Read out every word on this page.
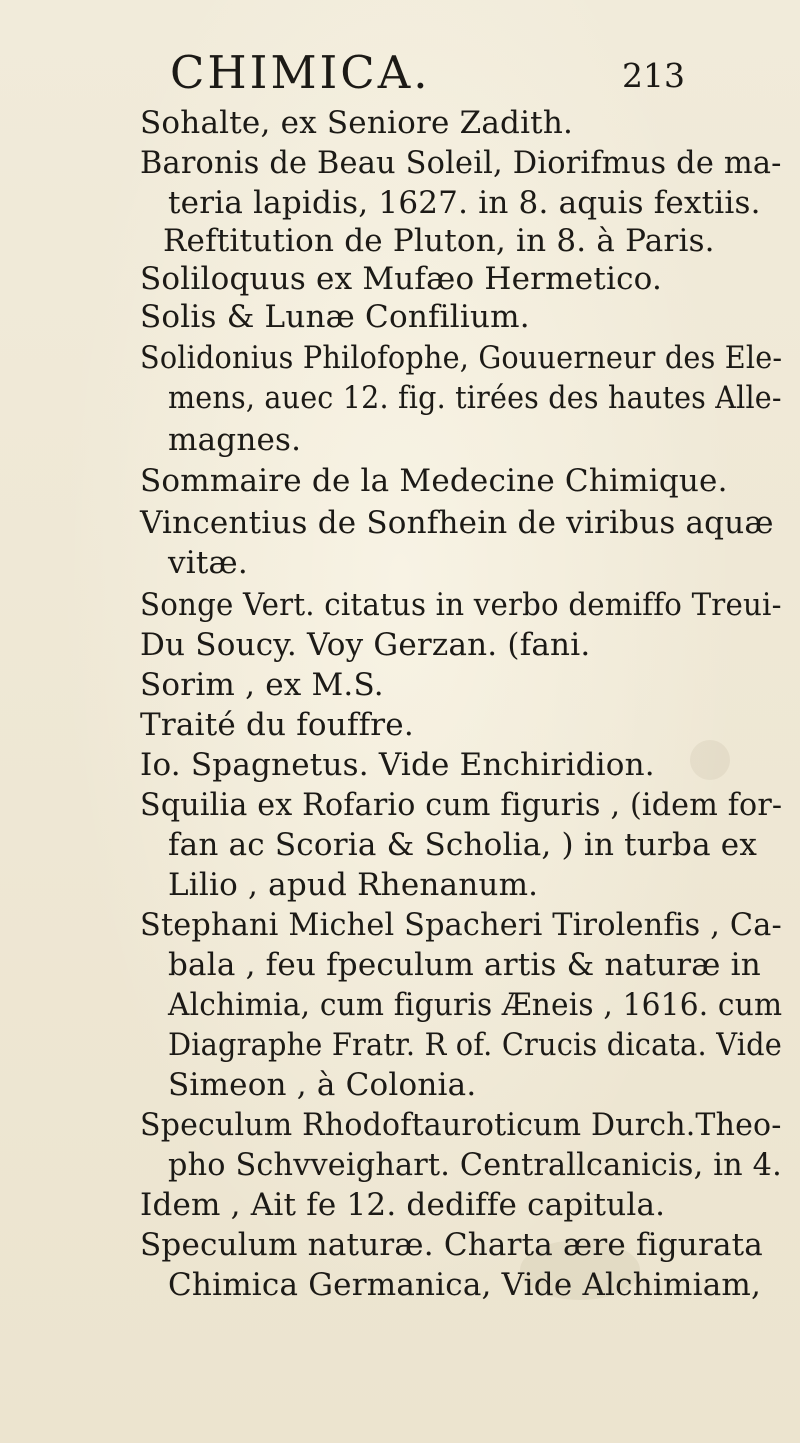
CHIMICA.	213
Sohalte, ex Seniore Zadith.
Baronis de Beau Soleil, Diorifmus de ma-
teria lapidis, 1627. in 8. aquis fextiis.
Reftitution de Pluton, in 8. à Paris.
Soliloquus ex Mufæo Hermetico.
Solis & Lunæ Confilium.
Solidonius Philofophe, Gouuerneur des Ele-
mens, auec 12. fig. tirées des hautes Alle-
magnes.
Sommaire de la Medecine Chimique.
Vincentius de Sonfhein de viribus aquæ
vitæ.
Songe Vert. citatus in verbo demiffo Treui-
Du Soucy. Voy Gerzan. (fani.
Sorim , ex M.S.
Traité du fouffre.
Io. Spagnetus. Vide Enchiridion.
Squilia ex Rofario cum figuris , (idem for-
fan ac Scoria & Scholia, ) in turba ex
Lilio , apud Rhenanum.
Stephani Michel Spacheri Tirolenfis , Ca-
bala , feu fpeculum artis & naturæ in
Alchimia, cum figuris Æneis , 1616. cum
Diagraphe Fratr. R of. Crucis dicata. Vide
Simeon , à Colonia.
Speculum Rhodoftauroticum Durch.Theo-
pho Schvveighart. Centrallcanicis, in 4.
Idem , Ait fe 12. dediffe capitula.
Speculum naturæ. Charta ære figurata
Chimica Germanica, Vide Alchimiam,
